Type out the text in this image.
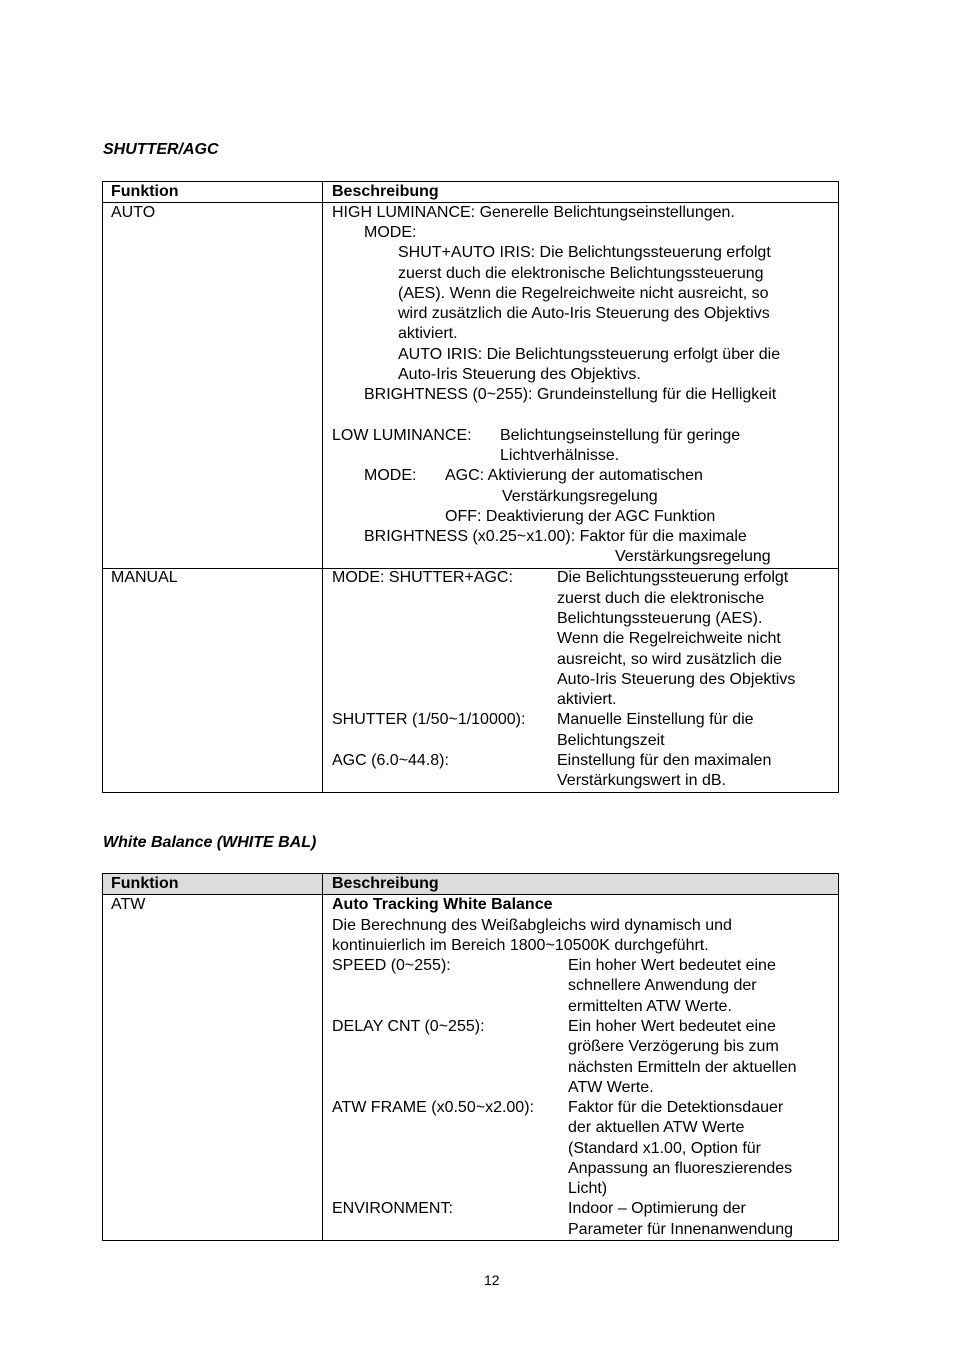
SHUTTER/AGC
Funktion	Beschreibung
AUTO	HIGH LUMINANCE: Generelle Belichtungseinstellungen.
MODE:
SHUT+AUTO IRIS: Die Belichtungssteuerung erfolgt
zuerst duch die elektronische Belichtungssteuerung
(AES). Wenn die Regelreichweite nicht ausreicht, so
wird zusätzlich die Auto-Iris Steuerung des Objektivs
aktiviert.
AUTO IRIS: Die Belichtungssteuerung erfolgt über die
Auto-Iris Steuerung des Objektivs.
BRIGHTNESS (0~255): Grundeinstellung für die Helligkeit
LOW LUMINANCE: Belichtungseinstellung für geringe
Lichtverhälnisse.
MODE: AGC: Aktivierung der automatischen
Verstärkungsregelung
OFF: Deaktivierung der AGC Funktion
BRIGHTNESS (x0.25~x1.00): Faktor für die maximale
Verstärkungsregelung
MANUAL	MODE: SHUTTER+AGC:	Die Belichtungssteuerung erfolgt
zuerst duch die elektronische
Belichtungssteuerung (AES).
Wenn die Regelreichweite nicht
ausreicht, so wird zusätzlich die
Auto-Iris Steuerung des Objektivs
aktiviert.
SHUTTER (1/50~1/10000): Manuelle Einstellung für die
Belichtungszeit
AGC (6.0~44.8):	Einstellung für den maximalen
Verstärkungswert in dB.
White Balance (WHITE BAL)
Funktion	Beschreibung
ATW	Auto Tracking White Balance
Die Berechnung des Weißabgleichs wird dynamisch und
kontinuierlich im Bereich 1800~10500K durchgeführt.
SPEED (0~255):	Ein hoher Wert bedeutet eine
schnellere Anwendung der
ermittelten ATW Werte.
DELAY CNT (0~255):	Ein hoher Wert bedeutet eine
größere Verzögerung bis zum
nächsten Ermitteln der aktuellen
ATW Werte.
ATW FRAME (x0.50~x2.00): Faktor für die Detektionsdauer
der aktuellen ATW Werte
(Standard x1.00, Option für
Anpassung an fluoreszierendes
Licht)
ENVIRONMENT:	Indoor – Optimierung der
Parameter für Innenanwendung
12
